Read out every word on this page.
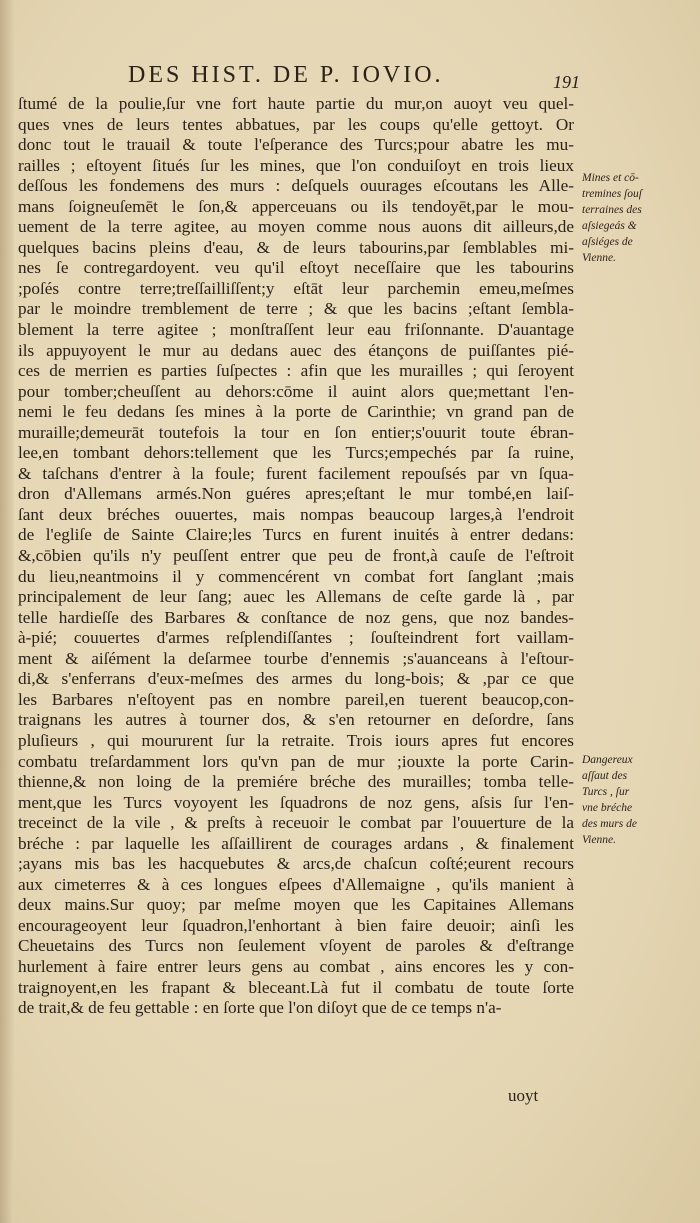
DES HIST. DE P. IOVIO.	191
ſtumé de la poulie,ſur vne fort haute partie du mur,on auoyt veu quel-
ques vnes de leurs tentes abbatues, par les coups qu'elle gettoyt. Or
donc tout le trauail & toute l'eſperance des Turcs;pour abatre les mu-
railles ; eſtoyent ſitués ſur les mines, que l'on conduiſoyt en trois lieux
deſſous les fondemens des murs : deſquels ouurages eſcoutans les Alle-
mans ſoigneuſemēt le ſon,& apperceuans ou ils tendoyēt,par le mou-
uement de la terre agitee, au moyen comme nous auons dit ailleurs,de
quelques bacins pleins d'eau, & de leurs tabourins,par ſemblables mi-
nes ſe contregardoyent. veu qu'il eſtoyt neceſſaire que les tabourins
;poſés contre terre;treſſailliſſent;y eſtāt leur parchemin emeu,meſmes
par le moindre tremblement de terre ; & que les bacins ;eſtant ſembla-
blement la terre agitee ; monſtraſſent leur eau friſonnante. D'auantage
ils appuyoyent le mur au dedans auec des étançons de puiſſantes pié-
ces de merrien es parties ſuſpectes : afin que les murailles ; qui ſeroyent
pour tomber;cheuſſent au dehors:cōme il auint alors que;mettant l'en-
nemi le feu dedans ſes mines à la porte de Carinthie; vn grand pan de
muraille;demeurāt toutefois la tour en ſon entier;s'ouurit toute ébran-
lee,en tombant dehors:tellement que les Turcs;empechés par ſa ruine,
& taſchans d'entrer à la foule; furent facilement repouſsés par vn ſqua-
dron d'Allemans armés.Non guéres apres;eſtant le mur tombé,en laiſ-
ſant deux bréches ouuertes, mais nompas beaucoup larges,à l'endroit
de l'egliſe de Sainte Claire;les Turcs en furent inuités à entrer dedans:
&,cōbien qu'ils n'y peuſſent entrer que peu de front,à cauſe de l'eſtroit
du lieu,neantmoins il y commencérent vn combat fort ſanglant ;mais
principalement de leur ſang; auec les Allemans de ceſte garde là , par
telle hardieſſe des Barbares & conſtance de noz gens, que noz bandes-
à-pié; couuertes d'armes reſplendiſſantes ; ſouſteindrent fort vaillam-
ment & aiſément la deſarmee tourbe d'ennemis ;s'auanceans à l'eſtour-
di,& s'enferrans d'eux-meſmes des armes du long-bois; & ,par ce que
les Barbares n'eſtoyent pas en nombre pareil,en tuerent beaucop,con-
traignans les autres à tourner dos, & s'en retourner en deſordre, ſans
pluſieurs , qui moururent ſur la retraite. Trois iours apres fut encores
combatu treſardamment lors qu'vn pan de mur ;iouxte la porte Carin-
thienne,& non loing de la premiére bréche des murailles; tomba telle-
ment,que les Turcs voyoyent les ſquadrons de noz gens, aſsis ſur l'en-
treceinct de la vile , & preſts à receuoir le combat par l'ouuerture de la
bréche : par laquelle les aſſaillirent de courages ardans , & finalement
;ayans mis bas les hacquebutes & arcs,de chaſcun coſté;eurent recours
aux cimeterres & à ces longues eſpees d'Allemaigne , qu'ils manient à
deux mains.Sur quoy; par meſme moyen que les Capitaines Allemans
encourageoyent leur ſquadron,l'enhortant à bien faire deuoir; ainſi les
Cheuetains des Turcs non ſeulement vſoyent de paroles & d'eſtrange
hurlement à faire entrer leurs gens au combat , ains encores les y con-
traignoyent,en les frapant & bleceant.Là fut il combatu de toute ſorte
de trait,& de feu gettable : en ſorte que l'on diſoyt que de ce temps n'a-
uoyt
Mines et cō-
tremines ſouſ
terraines des
aſsiegeás &
aſsiéges de
Vienne.
Dangereux
aſſaut des
Turcs , ſur
vne bréche
des murs de
Vienne.
